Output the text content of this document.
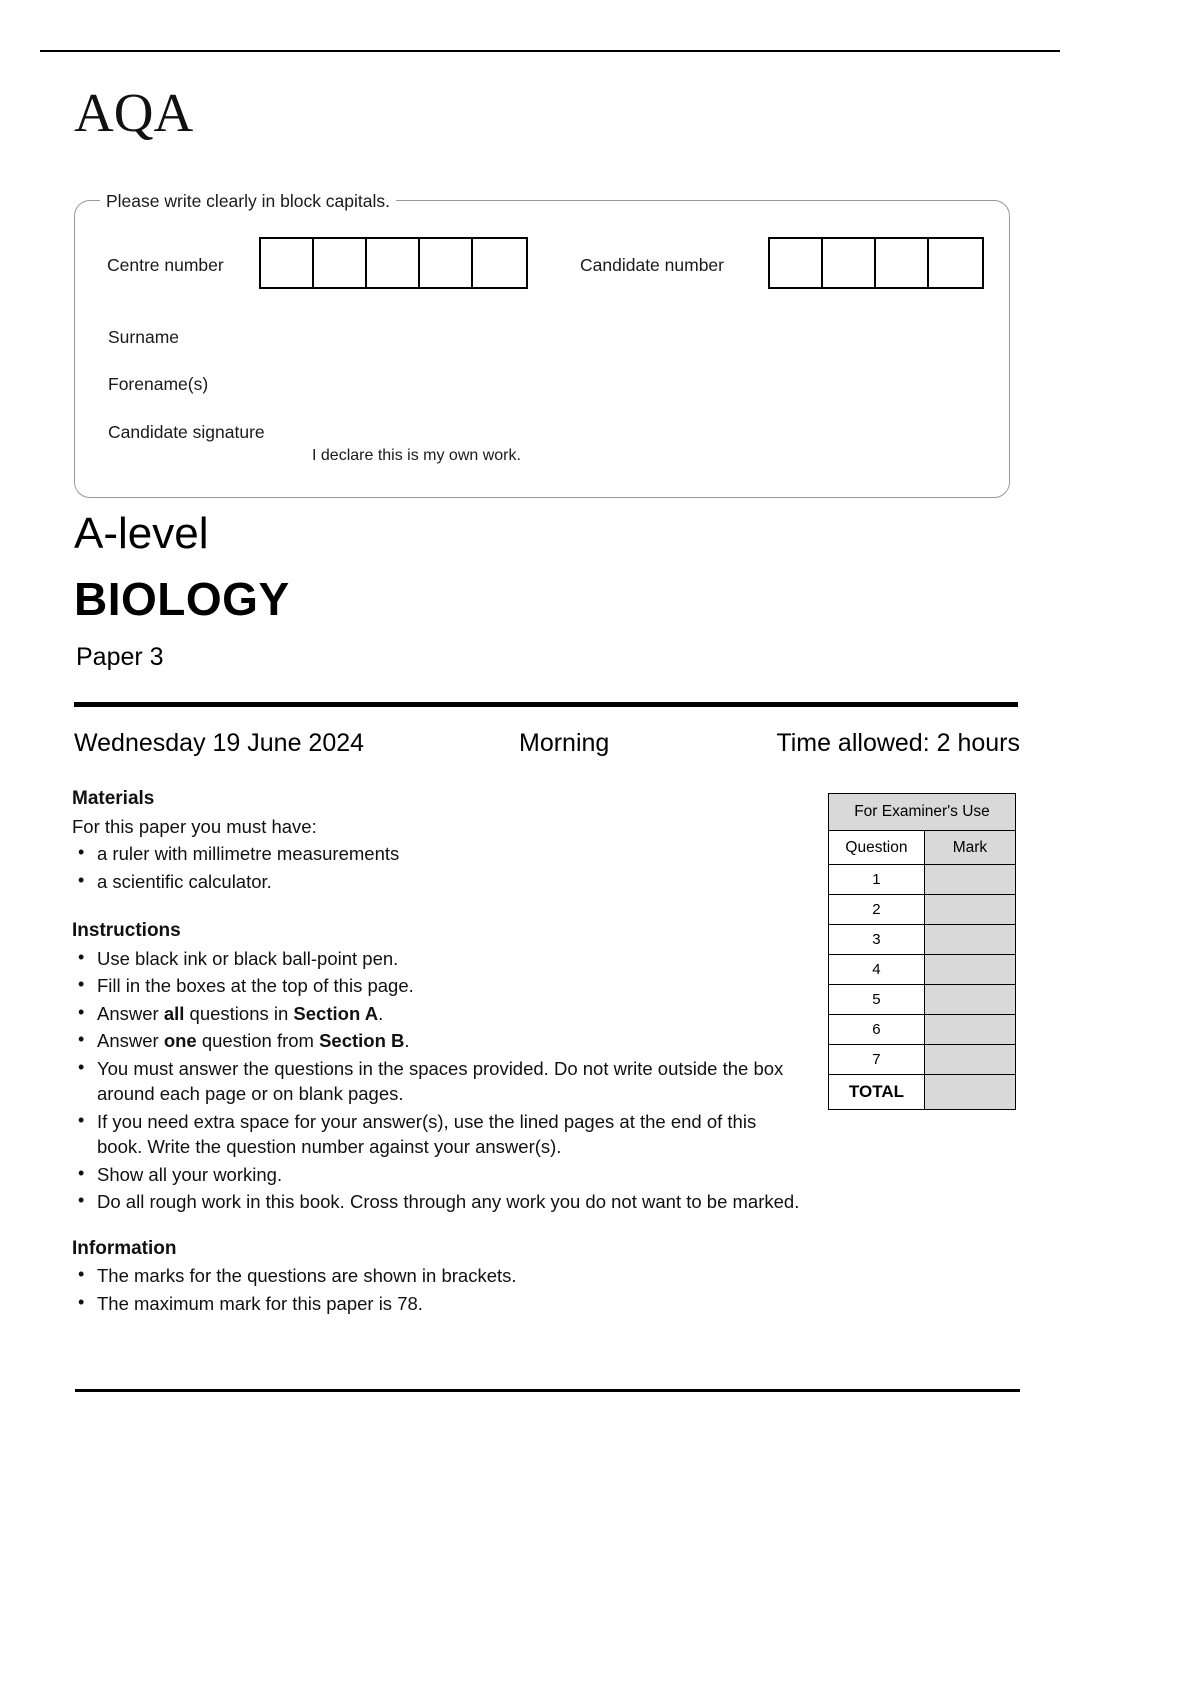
AQA
Please write clearly in block capitals.
Centre number	Candidate number
Surname
Forename(s)
Candidate signature
I declare this is my own work.
A-level
BIOLOGY
Paper 3
Wednesday 19 June 2024	Morning	Time allowed: 2 hours
Materials
For this paper you must have:
• a ruler with millimetre measurements
• a scientific calculator.
Instructions
• Use black ink or black ball-point pen.
• Fill in the boxes at the top of this page.
• Answer all questions in Section A.
• Answer one question from Section B.
• You must answer the questions in the spaces provided. Do not write outside the box around each page or on blank pages.
• If you need extra space for your answer(s), use the lined pages at the end of this book. Write the question number against your answer(s).
• Show all your working.
• Do all rough work in this book. Cross through any work you do not want to be marked.
Information
• The marks for the questions are shown in brackets.
• The maximum mark for this paper is 78.
For Examiner's Use	
Question	Mark
1	
2	
3	
4	
5	
6	
7	
TOTAL	
